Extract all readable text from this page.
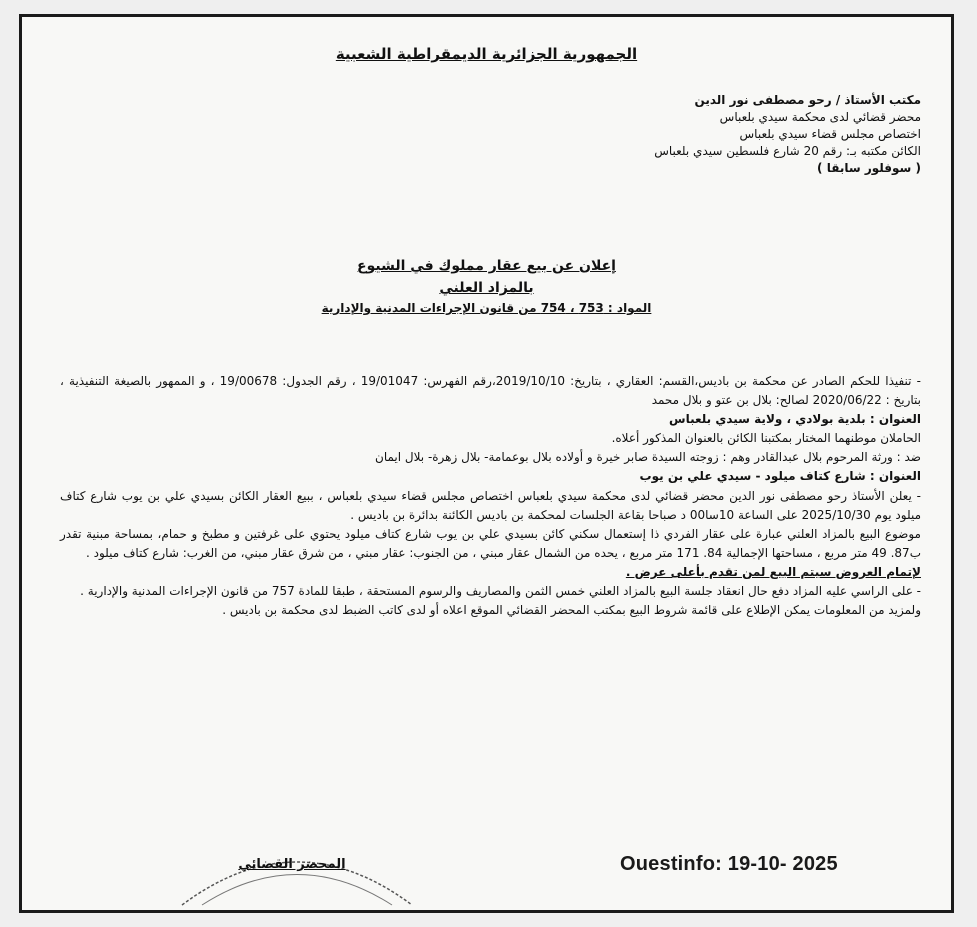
الجمهورية الجزائرية الديمقراطية الشعبية
مكتب الأستاذ / رحو مصطفى نور الدين
محضر قضائي لدى محكمة سيدي بلعباس
اختصاص مجلس قضاء سيدي بلعباس
الكائن مكتبه بـ: رقم 20 شارع فلسطين سيدي بلعباس
( سوفلور سابقا )
إعلان عن بيع عقار مملوك في الشيوع
بالمزاد العلني
المواد : 753 ، 754 من قانون الإجراءات المدنية والإدارية

- تنفيذا للحكم الصادر عن محكمة بن باديس،القسم: العقاري ، بتاريخ: 2019/10/10،رقم الفهرس: 19/01047 ، رقم الجدول: 19/00678 ، و الممهور بالصيغة التنفيذية ، بتاريخ : 2020/06/22 لصالح: بلال بن عتو و بلال محمد

العنوان : بلدية بولادي ، ولاية سيدي بلعباس

الحاملان موطنهما المختار بمكتبنا الكائن بالعنوان المذكور أعلاه.

ضد : ورثة المرحوم بلال عبدالقادر وهم : زوجته السيدة صابر خيرة و أولاده بلال بوعمامة- بلال زهرة- بلال ايمان

العنوان : شارع كتاف ميلود - سيدي علي بن يوب

- يعلن الأستاذ رحو مصطفى نور الدين محضر قضائي لدى محكمة سيدي بلعباس اختصاص مجلس قضاء سيدي بلعباس ، ببيع العقار الكائن بسيدي علي بن يوب شارع كتاف ميلود يوم 2025/10/30 على الساعة 10سا00 د صباحا بقاعة الجلسات لمحكمة بن باديس الكائنة بدائرة بن باديس .

موضوع البيع بالمزاد العلني عبارة على عقار الفردي ذا إستعمال سكني كائن بسيدي علي بن يوب شارع كتاف ميلود يحتوي على غرفتين و مطبخ و حمام، بمساحة مبنية تقدر ب87. 49 متر مربع ، مساحتها الإجمالية 84. 171 متر مربع ، يحده من الشمال عقار مبني ، من الجنوب: عقار مبني ، من شرق عقار مبني، من الغرب: شارع كتاف ميلود .

لإتمام العروض سيتم البيع لمن تقدم بأعلى عرض .

- على الراسي عليه المزاد دفع حال انعقاد جلسة البيع بالمزاد العلني خمس الثمن والمصاريف والرسوم المستحقة ، طبقا للمادة 757 من قانون الإجراءات المدنية والإدارية .

ولمزيد من المعلومات يمكن الإطلاع على قائمة شروط البيع بمكتب المحضر القضائي الموقع اعلاه أو لدى كاتب الضبط لدى محكمة بن باديس .

المحضر القضائي	Ouestinfo: 19-10- 2025
